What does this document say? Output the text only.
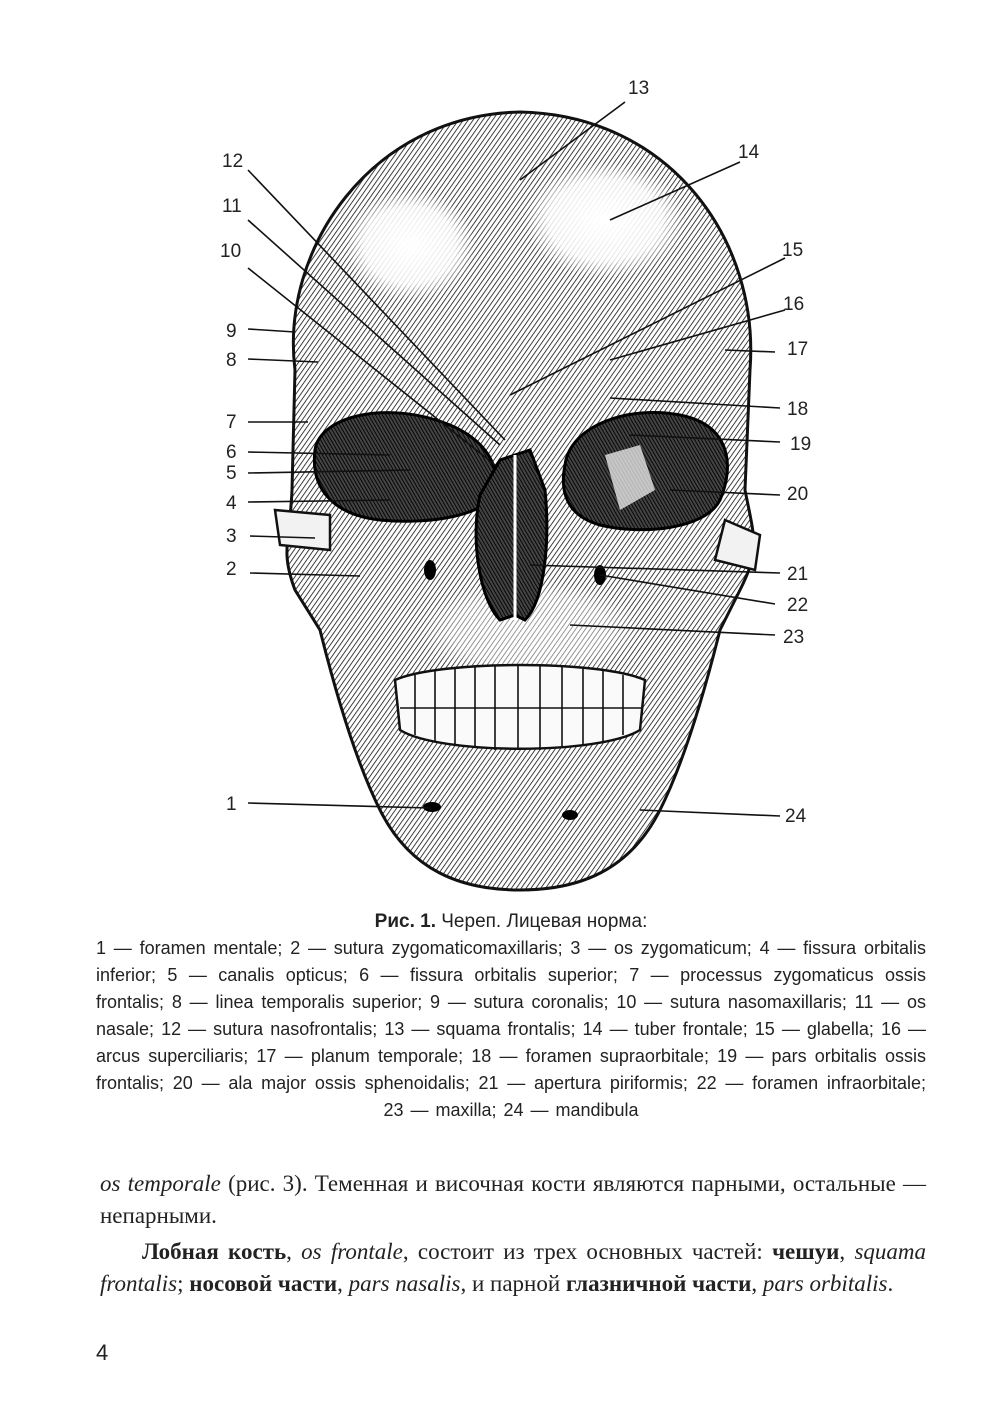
1
2
3
4
5
6
7
8
9
10
11
12
13
14
15
16
17
18
19
20
21
22
23
24
Рис. 1. Череп. Лицевая норма:
1 — foramen mentale; 2 — sutura zygomaticomaxillaris; 3 — os zygomaticum; 4 — fissura orbitalis inferior; 5 — canalis opticus; 6 — fissura orbitalis superior; 7 — processus zygomaticus ossis frontalis; 8 — linea temporalis superior; 9 — sutura coronalis; 10 — sutura nasomaxillaris; 11 — os nasale; 12 — sutura nasofrontalis; 13 — squama frontalis; 14 — tuber frontale; 15 — glabella; 16 — arcus superciliaris; 17 — planum temporale; 18 — foramen supraorbitale; 19 — pars orbitalis ossis frontalis; 20 — ala major ossis sphenoidalis; 21 — apertura piriformis; 22 — foramen infraorbitale; 23 — maxilla; 24 — mandibula

os temporale (рис. 3). Теменная и височная кости являются парными, остальные — непарными.

Лобная кость, os frontale, состоит из трех основных частей: чешуи, squama frontalis; носовой части, pars nasalis, и парной глазничной части, pars orbitalis.

4
